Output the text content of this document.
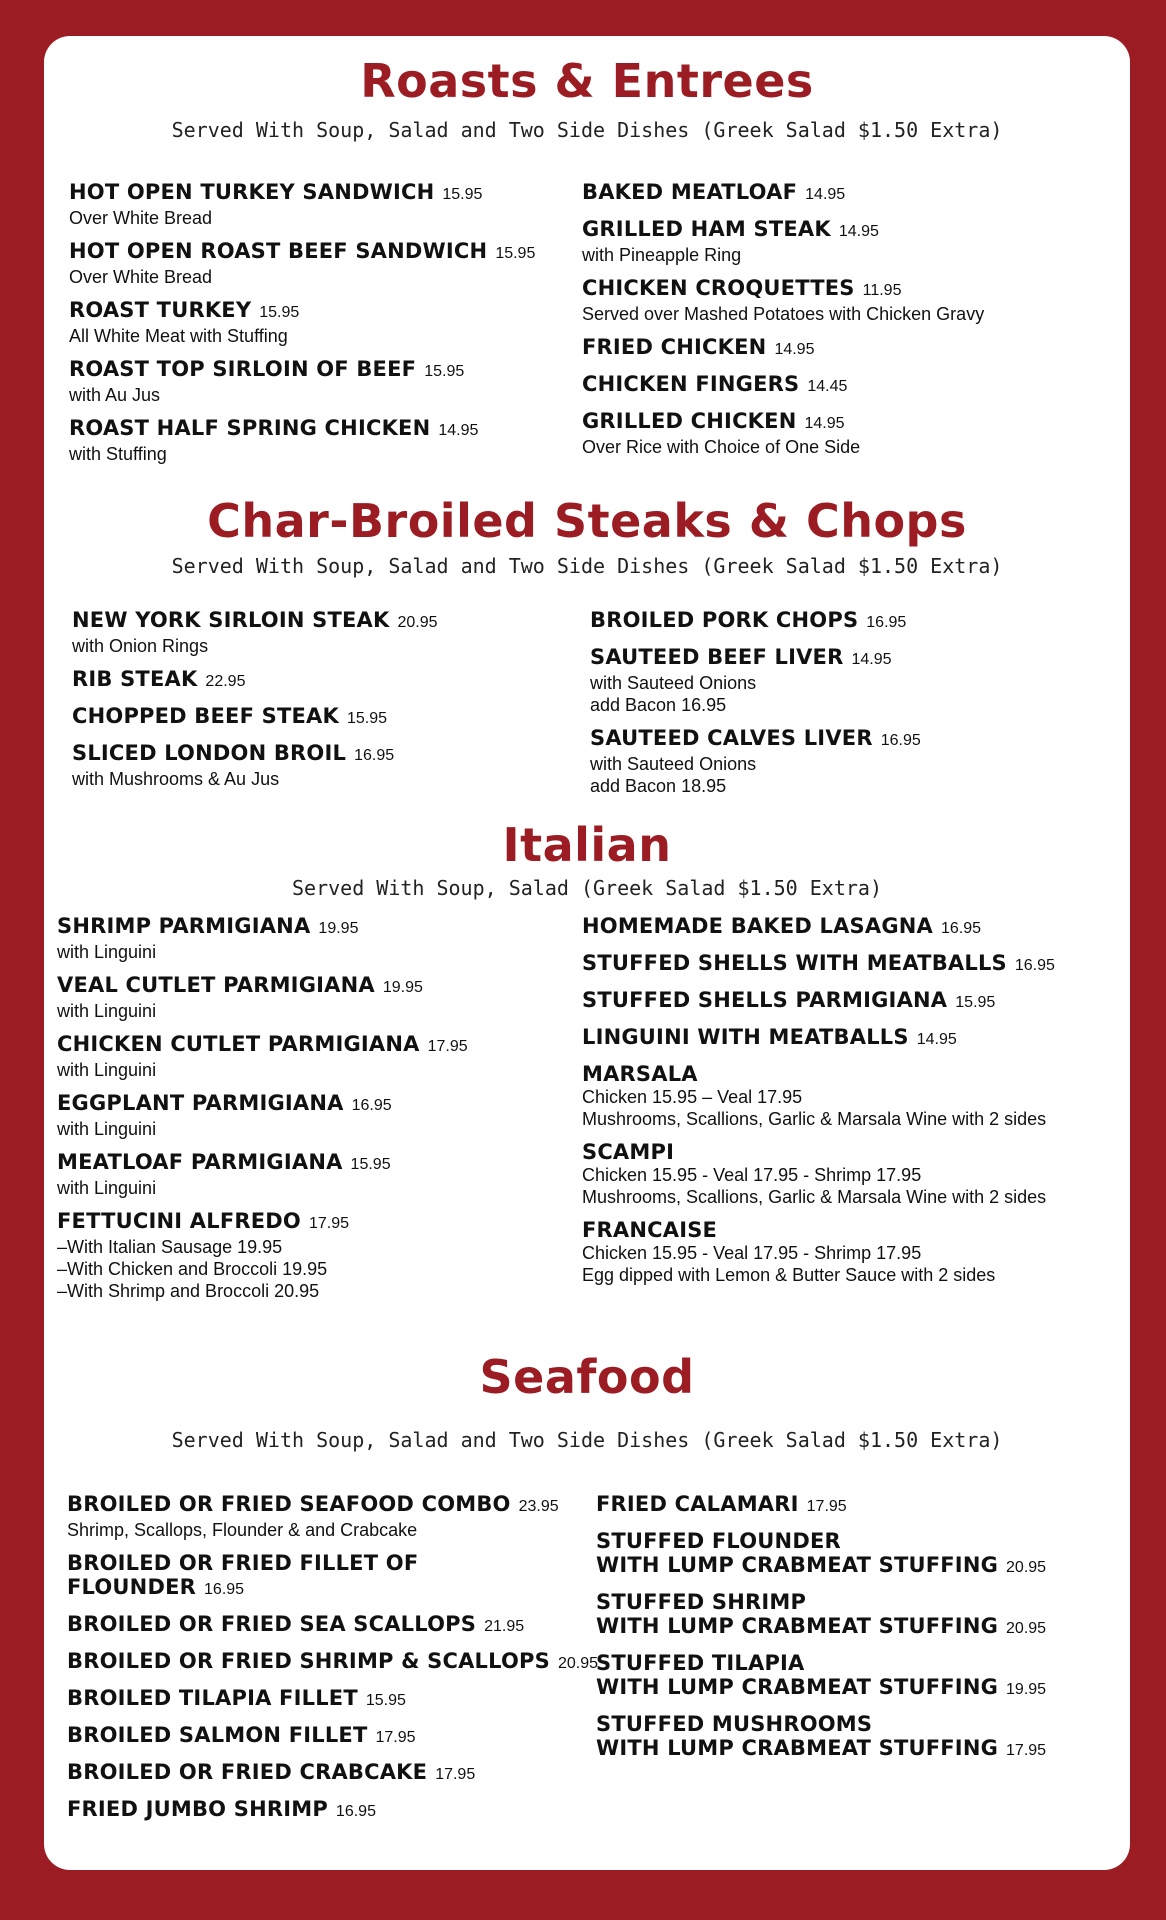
Roasts & Entrees

Served With Soup, Salad and Two Side Dishes (Greek Salad $1.50 Extra)

HOT OPEN TURKEY SANDWICH 15.95
Over White Bread
HOT OPEN ROAST BEEF SANDWICH 15.95
Over White Bread
ROAST TURKEY 15.95
All White Meat with Stuffing
ROAST TOP SIRLOIN OF BEEF 15.95
with Au Jus
ROAST HALF SPRING CHICKEN 14.95
with Stuffing
BAKED MEATLOAF 14.95
GRILLED HAM STEAK 14.95
with Pineapple Ring
CHICKEN CROQUETTES 11.95
Served over Mashed Potatoes with Chicken Gravy
FRIED CHICKEN 14.95
CHICKEN FINGERS 14.45
GRILLED CHICKEN 14.95
Over Rice with Choice of One Side
Char-Broiled Steaks & Chops

Served With Soup, Salad and Two Side Dishes (Greek Salad $1.50 Extra)

NEW YORK SIRLOIN STEAK 20.95
with Onion Rings
RIB STEAK 22.95
CHOPPED BEEF STEAK 15.95
SLICED LONDON BROIL 16.95
with Mushrooms & Au Jus
BROILED PORK CHOPS 16.95
SAUTEED BEEF LIVER 14.95
with Sauteed Onions
add Bacon 16.95
SAUTEED CALVES LIVER 16.95
with Sauteed Onions
add Bacon 18.95
Italian

Served With Soup, Salad (Greek Salad $1.50 Extra)

SHRIMP PARMIGIANA 19.95
with Linguini
VEAL CUTLET PARMIGIANA 19.95
with Linguini
CHICKEN CUTLET PARMIGIANA 17.95
with Linguini
EGGPLANT PARMIGIANA 16.95
with Linguini
MEATLOAF PARMIGIANA 15.95
with Linguini
FETTUCINI ALFREDO 17.95
–With Italian Sausage 19.95
–With Chicken and Broccoli 19.95
–With Shrimp and Broccoli 20.95
HOMEMADE BAKED LASAGNA 16.95
STUFFED SHELLS WITH MEATBALLS 16.95
STUFFED SHELLS PARMIGIANA 15.95
LINGUINI WITH MEATBALLS 14.95
MARSALA
Chicken 15.95 – Veal 17.95
Mushrooms, Scallions, Garlic & Marsala Wine with 2 sides
SCAMPI
Chicken 15.95 - Veal 17.95 - Shrimp 17.95
Mushrooms, Scallions, Garlic & Marsala Wine with 2 sides
FRANCAISE
Chicken 15.95 - Veal 17.95 - Shrimp 17.95
Egg dipped with Lemon & Butter Sauce with 2 sides
Seafood

Served With Soup, Salad and Two Side Dishes (Greek Salad $1.50 Extra)

BROILED OR FRIED SEAFOOD COMBO 23.95
Shrimp, Scallops, Flounder & and Crabcake
BROILED OR FRIED FILLET OF FLOUNDER 16.95
BROILED OR FRIED SEA SCALLOPS 21.95
BROILED OR FRIED SHRIMP & SCALLOPS 20.95
BROILED TILAPIA FILLET 15.95
BROILED SALMON FILLET 17.95
BROILED OR FRIED CRABCAKE 17.95
FRIED JUMBO SHRIMP 16.95
FRIED CALAMARI 17.95
STUFFED FLOUNDER
WITH LUMP CRABMEAT STUFFING 20.95
STUFFED SHRIMP
WITH LUMP CRABMEAT STUFFING 20.95
STUFFED TILAPIA
WITH LUMP CRABMEAT STUFFING 19.95
STUFFED MUSHROOMS
WITH LUMP CRABMEAT STUFFING 17.95
